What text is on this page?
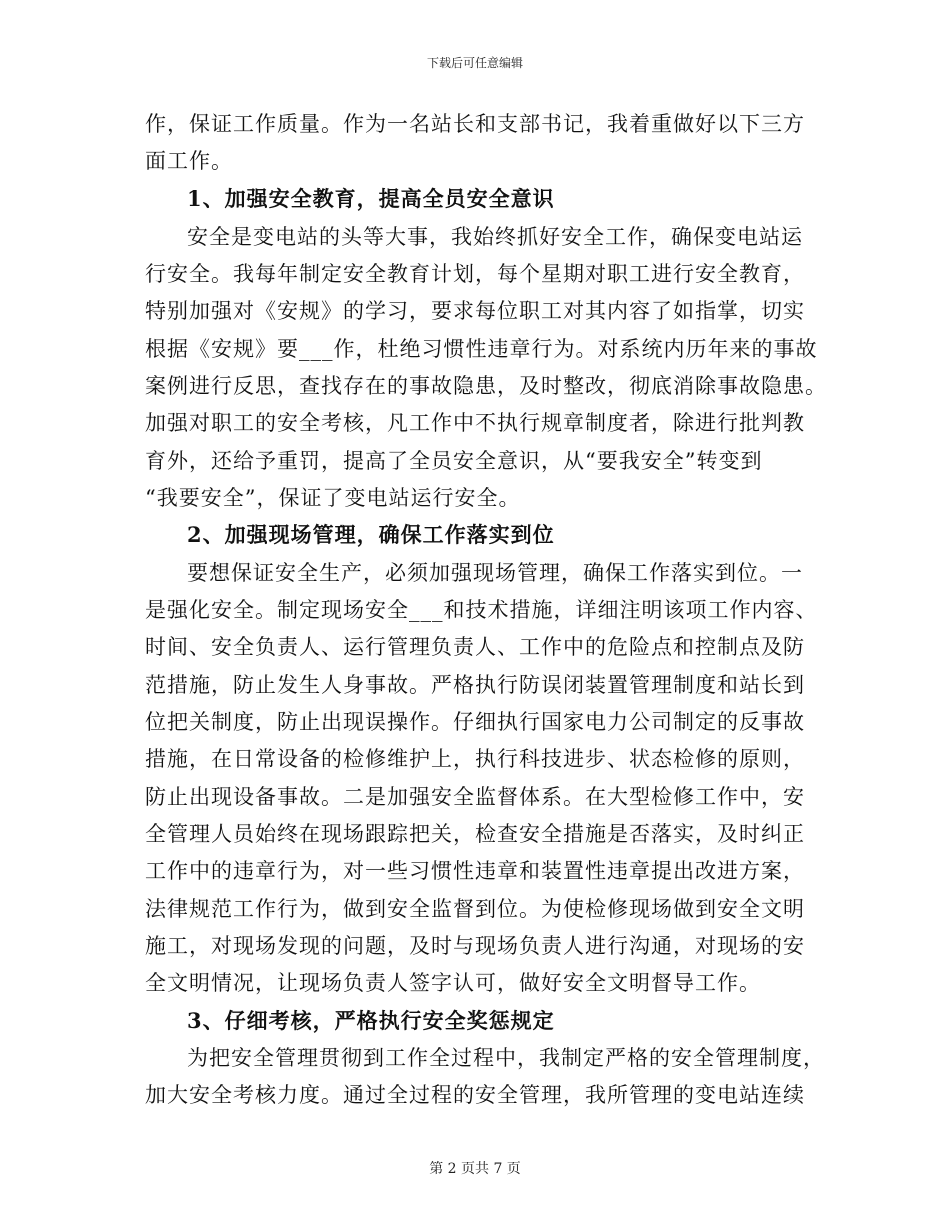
下载后可任意编辑
作，保证工作质量。作为一名站长和支部书记，我着重做好以下三方
面工作。
1、加强安全教育，提高全员安全意识
安全是变电站的头等大事，我始终抓好安全工作，确保变电站运
行安全。我每年制定安全教育计划，每个星期对职工进行安全教育，
特别加强对《安规》的学习，要求每位职工对其内容了如指掌，切实
根据《安规》要___作，杜绝习惯性违章行为。对系统内历年来的事故
案例进行反思，查找存在的事故隐患，及时整改，彻底消除事故隐患。
加强对职工的安全考核，凡工作中不执行规章制度者，除进行批判教
育外，还给予重罚，提高了全员安全意识，从“要我安全”转变到
“我要安全”，保证了变电站运行安全。
2、加强现场管理，确保工作落实到位
要想保证安全生产，必须加强现场管理，确保工作落实到位。一
是强化安全。制定现场安全___和技术措施，详细注明该项工作内容、
时间、安全负责人、运行管理负责人、工作中的危险点和控制点及防
范措施，防止发生人身事故。严格执行防误闭装置管理制度和站长到
位把关制度，防止出现误操作。仔细执行国家电力公司制定的反事故
措施，在日常设备的检修维护上，执行科技进步、状态检修的原则，
防止出现设备事故。二是加强安全监督体系。在大型检修工作中，安
全管理人员始终在现场跟踪把关，检查安全措施是否落实，及时纠正
工作中的违章行为，对一些习惯性违章和装置性违章提出改进方案，
法律规范工作行为，做到安全监督到位。为使检修现场做到安全文明
施工，对现场发现的问题，及时与现场负责人进行沟通，对现场的安
全文明情况，让现场负责人签字认可，做好安全文明督导工作。
3、仔细考核，严格执行安全奖惩规定
为把安全管理贯彻到工作全过程中，我制定严格的安全管理制度，
加大安全考核力度。通过全过程的安全管理，我所管理的变电站连续
第 2 页共 7 页
